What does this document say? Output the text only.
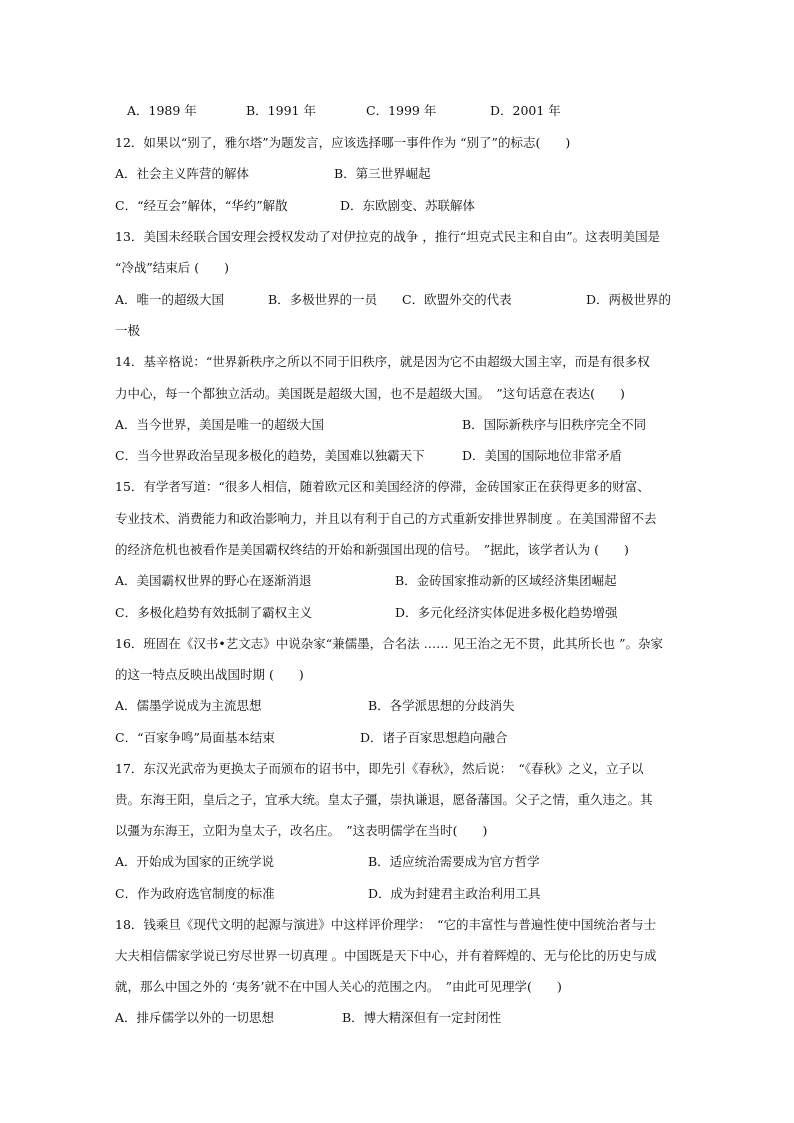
A．1989 年	B．1991 年	C．1999 年	D．2001 年
12．如果以“别了，雅尔塔”为题发言，应该选择哪一事件作为 “别了”的标志(　　)
A．社会主义阵营的解体	B．第三世界崛起
C．“经互会”解体，“华约”解散	D．东欧剧变、苏联解体
13．美国未经联合国安理会授权发动了对伊拉克的战争 ，推行“坦克式民主和自由”。这表明美国是
“冷战”结束后 (　　)
A．唯一的超级大国	B．多极世界的一员 C．欧盟外交的代表	D．两极世界的
一极
14．基辛格说：“世界新秩序之所以不同于旧秩序，就是因为它不由超级大国主宰，而是有很多权
力中心，每一个都独立活动。美国既是超级大国，也不是超级大国。　”这句话意在表达(　　)
A．当今世界，美国是唯一的超级大国	B．国际新秩序与旧秩序完全不同
C．当今世界政治呈现多极化的趋势，美国难以独霸天下	D．美国的国际地位非常矛盾
15．有学者写道：“很多人相信，随着欧元区和美国经济的停滞，金砖国家正在获得更多的财富、
专业技术、消费能力和政治影响力，并且以有利于自己的方式重新安排世界制度 。在美国滞留不去
的经济危机也被看作是美国霸权终结的开始和新强国出现的信号。　”据此，该学者认为 (　　)
A．美国霸权世界的野心在逐渐消退	B．金砖国家推动新的区域经济集团崛起
C．多极化趋势有效抵制了霸权主义	D．多元化经济实体促进多极化趋势增强
16．班固在《汉书•艺文志》中说杂家“兼儒墨，合名法 …… 见王治之无不贯，此其所长也 ”。杂家
的这一特点反映出战国时期 (　　)
A．儒墨学说成为主流思想	B．各学派思想的分歧消失
C．“百家争鸣”局面基本结束	D．诸子百家思想趋向融合
17．东汉光武帝为更换太子而颁布的诏书中，即先引《春秋》，然后说：　“《春秋》之义，立子以
贵。东海王阳，皇后之子，宜承大统。皇太子彊，崇执谦退，愿备藩国。父子之情，重久违之。其
以彊为东海王，立阳为皇太子，改名庄。　”这表明儒学在当时(　　)
A．开始成为国家的正统学说	B．适应统治需要成为官方哲学
C．作为政府选官制度的标准	D．成为封建君主政治利用工具
18．钱乘旦《现代文明的起源与演进》中这样评价理学：　“它的丰富性与普遍性使中国统治者与士
大夫相信儒家学说已穷尽世界一切真理 。中国既是天下中心，并有着辉煌的、无与伦比的历史与成
就，那么中国之外的 ‘夷务’就不在中国人关心的范围之内。　”由此可见理学(　　)
A．排斥儒学以外的一切思想	B．博大精深但有一定封闭性
